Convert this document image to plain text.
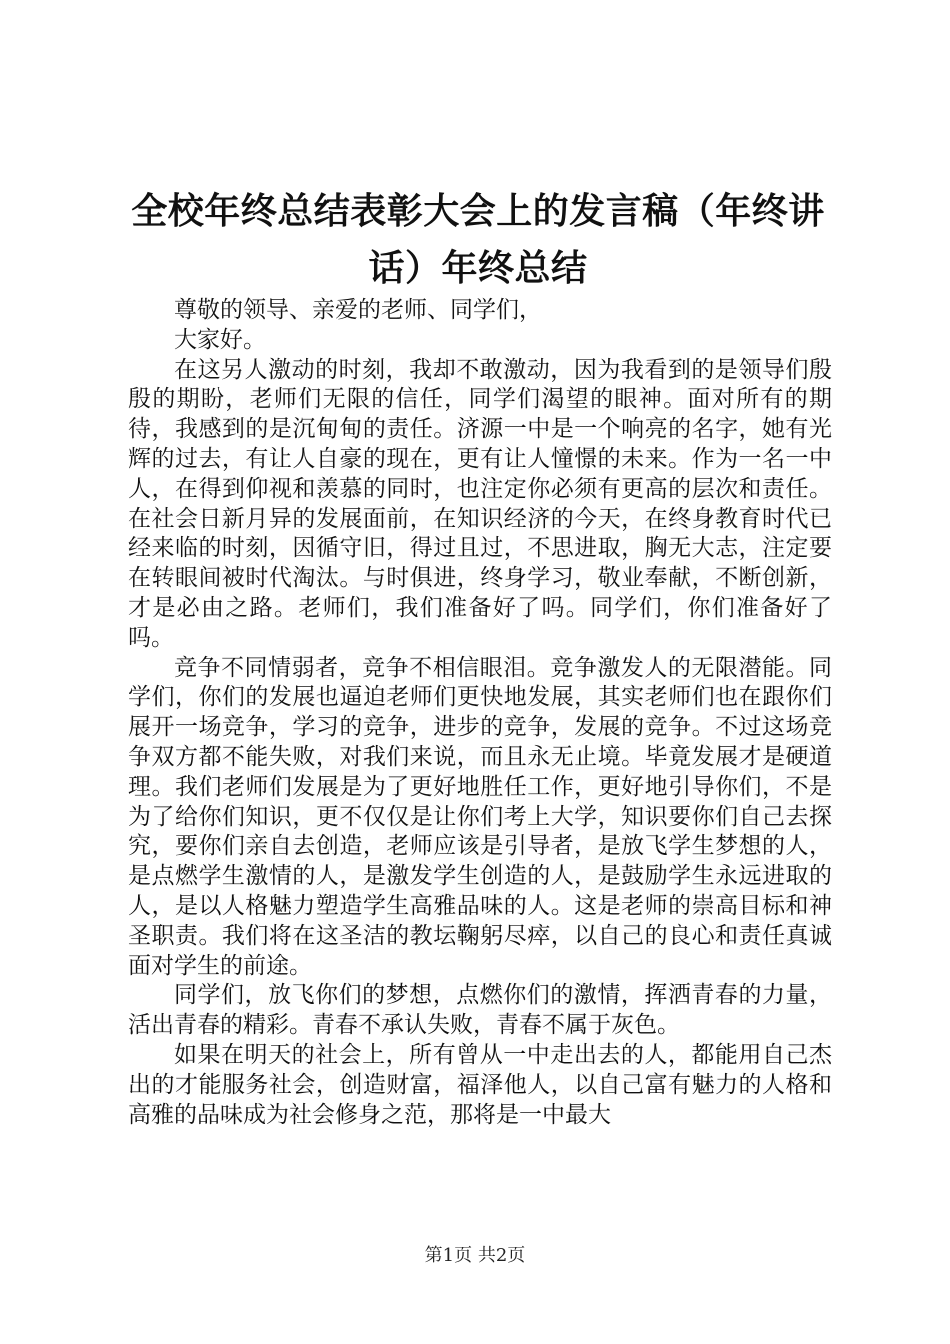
全校年终总结表彰大会上的发言稿（年终讲话）年终总结

尊敬的领导、亲爱的老师、同学们，

大家好。

在这另人激动的时刻，我却不敢激动，因为我看到的是领导们殷殷的期盼，老师们无限的信任，同学们渴望的眼神。面对所有的期待，我感到的是沉甸甸的责任。济源一中是一个响亮的名字，她有光辉的过去，有让人自豪的现在，更有让人憧憬的未来。作为一名一中人，在得到仰视和羡慕的同时，也注定你必须有更高的层次和责任。在社会日新月异的发展面前，在知识经济的今天，在终身教育时代已经来临的时刻，因循守旧，得过且过，不思进取，胸无大志，注定要在转眼间被时代淘汰。与时俱进，终身学习，敬业奉献，不断创新，才是必由之路。老师们，我们准备好了吗。同学们，你们准备好了吗。

竞争不同情弱者，竞争不相信眼泪。竞争激发人的无限潜能。同学们，你们的发展也逼迫老师们更快地发展，其实老师们也在跟你们展开一场竞争，学习的竞争，进步的竞争，发展的竞争。不过这场竞争双方都不能失败，对我们来说，而且永无止境。毕竟发展才是硬道理。我们老师们发展是为了更好地胜任工作，更好地引导你们，不是为了给你们知识，更不仅仅是让你们考上大学，知识要你们自己去探究，要你们亲自去创造，老师应该是引导者，是放飞学生梦想的人，是点燃学生激情的人，是激发学生创造的人，是鼓励学生永远进取的人，是以人格魅力塑造学生高雅品味的人。这是老师的崇高目标和神圣职责。我们将在这圣洁的教坛鞠躬尽瘁，以自己的良心和责任真诚面对学生的前途。

同学们，放飞你们的梦想，点燃你们的激情，挥洒青春的力量，活出青春的精彩。青春不承认失败，青春不属于灰色。

如果在明天的社会上，所有曾从一中走出去的人，都能用自己杰出的才能服务社会，创造财富，福泽他人，以自己富有魅力的人格和高雅的品味成为社会修身之范，那将是一中最大

第1页 共2页
